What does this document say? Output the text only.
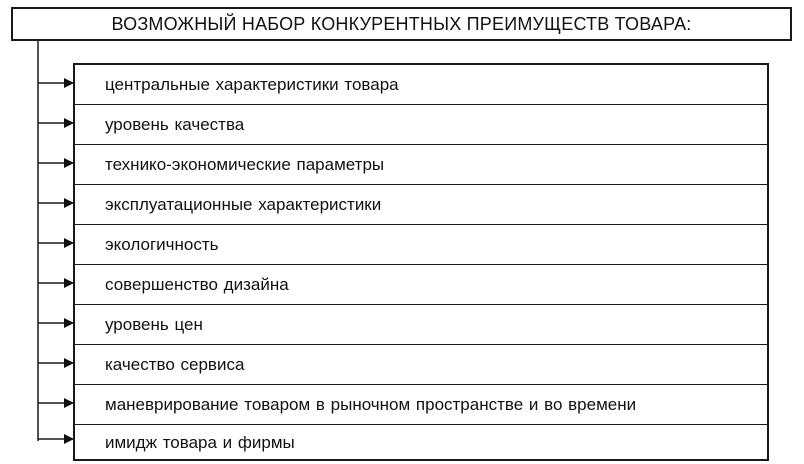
ВОЗМОЖНЫЙ НАБОР КОНКУРЕНТНЫХ ПРЕИМУЩЕСТВ ТОВАРА:
центральные характеристики товара
уровень качества
технико-экономические параметры
эксплуатационные характеристики
экологичность
совершенство дизайна
уровень цен
качество сервиса
маневрирование товаром в рыночном пространстве и во времени
имидж товара и фирмы
